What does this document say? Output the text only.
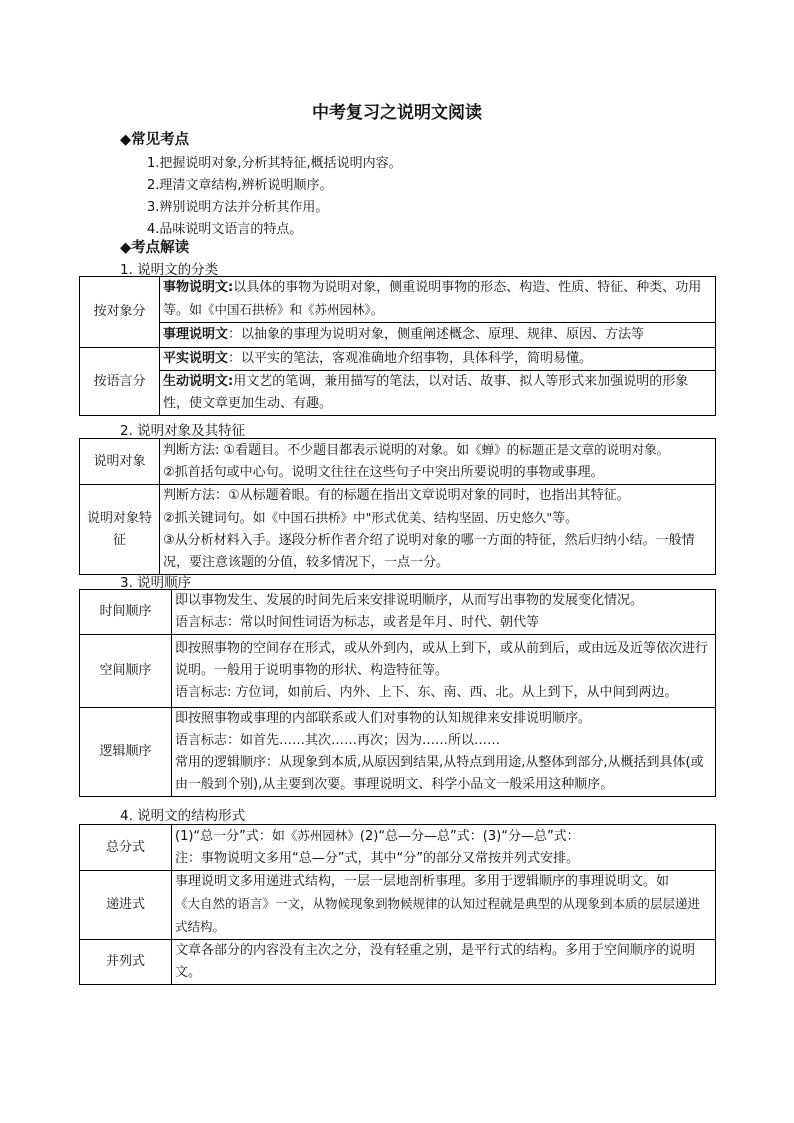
中考复习之说明文阅读
◆常见考点
1.把握说明对象,分析其特征,概括说明内容。
2.理清文章结构,辨析说明顺序。
3.辨别说明方法并分析其作用。
4.品味说明文语言的特点。
◆考点解读
1. 说明文的分类
按对象分	事物说明文:以具体的事物为说明对象，侧重说明事物的形态、构造、性质、特征、种类、功用等。如《中国石拱桥》和《苏州园林》。
	事理说明文：以抽象的事理为说明对象，侧重阐述概念、原理、规律、原因、方法等
按语言分	平实说明文：以平实的笔法，客观准确地介绍事物，具体科学，简明易懂。
	生动说明文:用文艺的笔调，兼用描写的笔法，以对话、故事、拟人等形式来加强说明的形象性，使文章更加生动、有趣。
2. 说明对象及其特征
说明对象	判断方法: ①看题目。不少题目都表示说明的对象。如《蝉》的标题正是文章的说明对象。
②抓首括句或中心句。说明文往往在这些句子中突出所要说明的事物或事理。
说明对象特征	判断方法：①从标题着眼。有的标题在指出文章说明对象的同时，也指出其特征。
②抓关键词句。如《中国石拱桥》中"形式优美、结构坚固、历史悠久"等。
③从分析材料入手。逐段分析作者介绍了说明对象的哪一方面的特征，然后归纳小结。一般情况，要注意该题的分值，较多情况下，一点一分。
3. 说明顺序
时间顺序	即以事物发生、发展的时间先后来安排说明顺序，从而写出事物的发展变化情况。
语言标志：常以时间性词语为标志，或者是年月、时代、朝代等
空间顺序	即按照事物的空间存在形式，或从外到内，或从上到下，或从前到后，或由远及近等依次进行说明。一般用于说明事物的形状、构造特征等。
语言标志: 方位词，如前后、内外、上下、东、南、西、北。从上到下，从中间到两边。
逻辑顺序	即按照事物或事理的内部联系或人们对事物的认知规律来安排说明顺序。
语言标志：如首先……其次……再次；因为……所以……
常用的逻辑顺序：从现象到本质,从原因到结果,从特点到用途,从整体到部分,从概括到具体(或由一般到个别),从主要到次要。事理说明文、科学小品文一般采用这种顺序。
4. 说明文的结构形式
总分式	(1)“总一分”式：如《苏州园林》(2)“总—分—总”式：(3)“分—总”式：
注：事物说明文多用“总—分”式，其中“分”的部分又常按并列式安排。
递进式	事理说明文多用递进式结构，一层一层地剖析事理。多用于逻辑顺序的事理说明文。如
《大自然的语言》一文，从物候现象到物候规律的认知过程就是典型的从现象到本质的层层递进式结构。
并列式	文章各部分的内容没有主次之分，没有轻重之别，是平行式的结构。多用于空间顺序的说明文。
